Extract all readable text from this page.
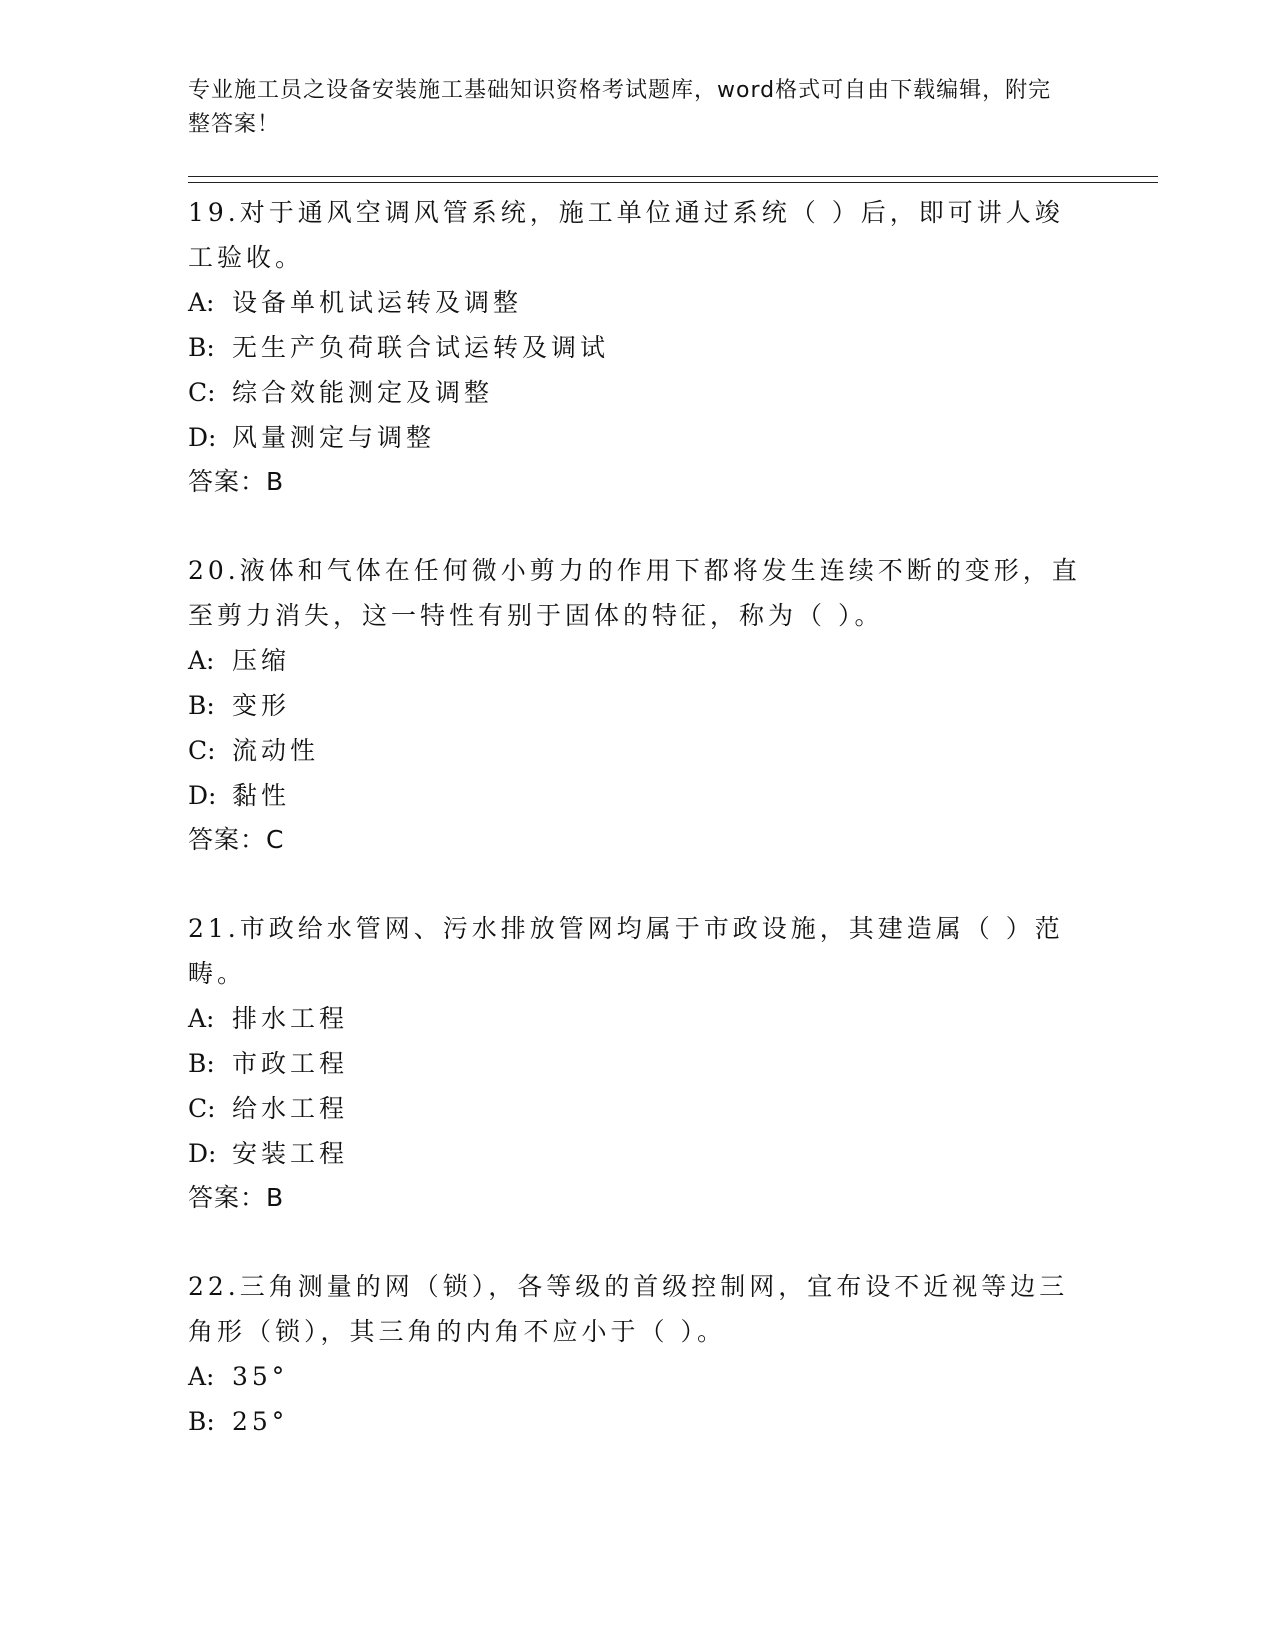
专业施工员之设备安装施工基础知识资格考试题库，word格式可自由下载编辑，附完整答案！

19.对于通风空调风管系统，施工单位通过系统（ ）后，即可讲人竣工验收。

A: 设备单机试运转及调整

B: 无生产负荷联合试运转及调试

C: 综合效能测定及调整

D: 风量测定与调整

答案：B

20.液体和气体在任何微小剪力的作用下都将发生连续不断的变形，直至剪力消失，这一特性有别于固体的特征，称为（ ）。

A: 压缩

B: 变形

C: 流动性

D: 黏性

答案：C

21.市政给水管网、污水排放管网均属于市政设施，其建造属（ ）范畴。

A: 排水工程

B: 市政工程

C: 给水工程

D: 安装工程

答案：B

22.三角测量的网（锁），各等级的首级控制网，宜布设不近视等边三角形（锁），其三角的内角不应小于（ ）。

A: 35°

B: 25°
